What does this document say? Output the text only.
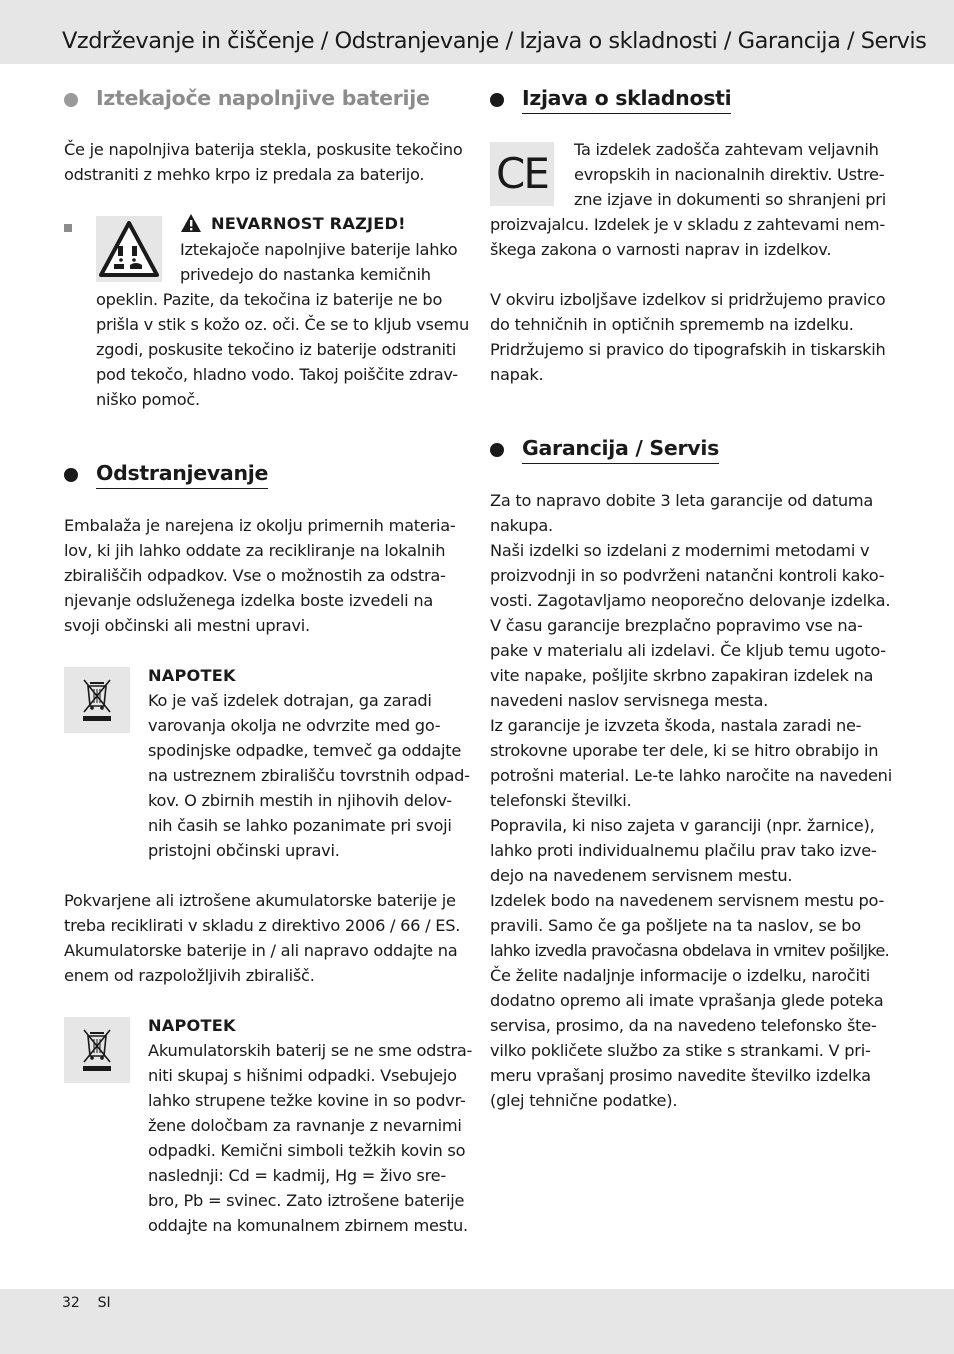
Vzdrževanje in čiščenje / Odstranjevanje / Izjava o skladnosti / Garancija / Servis
Iztekajoče napolnjive baterije

Če je napolnjiva baterija stekla, poskusite tekočino
odstraniti z mehko krpo iz predala za baterijo.

NEVARNOST RAZJED!

Iztekajoče napolnjive baterije lahko
privedejo do nastanka kemičnih

opeklin. Pazite, da tekočina iz baterije ne bo
prišla v stik s kožo oz. oči. Če se to kljub vsemu
zgodi, poskusite tekočino iz baterije odstraniti
pod tekočo, hladno vodo. Takoj poiščite zdrav-
niško pomoč.

Odstranjevanje

Embalaža je narejena iz okolju primernih materia-
lov, ki jih lahko oddate za recikliranje na lokalnih
zbirališčih odpadkov. Vse o možnostih za odstra-
njevanje odsluženega izdelka boste izvedeli na
svoji občinski ali mestni upravi.

NAPOTEK

Ko je vaš izdelek dotrajan, ga zaradi
varovanja okolja ne odvrzite med go-
spodinjske odpadke, temveč ga oddajte
na ustreznem zbirališču tovrstnih odpad-
kov. O zbirnih mestih in njihovih delov-
nih časih se lahko pozanimate pri svoji
pristojni občinski upravi.

Pokvarjene ali iztrošene akumulatorske baterije je
treba reciklirati v skladu z direktivo 2006 / 66 / ES.
Akumulatorske baterije in / ali napravo oddajte na
enem od razpoložljivih zbirališč.

NAPOTEK

Akumulatorskih baterij se ne sme odstra-
niti skupaj s hišnimi odpadki. Vsebujejo
lahko strupene težke kovine in so podvr-
žene določbam za ravnanje z nevarnimi
odpadki. Kemični simboli težkih kovin so
naslednji: Cd = kadmij, Hg = živo sre-
bro, Pb = svinec. Zato iztrošene baterije
oddajte na komunalnem zbirnem mestu.

Izjava o skladnosti
CE Ta izdelek zadošča zahtevam veljavnih
evropskih in nacionalnih direktiv. Ustre-
zne izjave in dokumenti so shranjeni pri

proizvajalcu. Izdelek je v skladu z zahtevami nem-
škega zakona o varnosti naprav in izdelkov.

V okviru izboljšave izdelkov si pridržujemo pravico
do tehničnih in optičnih sprememb na izdelku.
Pridržujemo si pravico do tipografskih in tiskarskih
napak.

Garancija / Servis

Za to napravo dobite 3 leta garancije od datuma
nakupa.
Naši izdelki so izdelani z modernimi metodami v
proizvodnji in so podvrženi natančni kontroli kako-
vosti. Zagotavljamo neoporečno delovanje izdelka.
V času garancije brezplačno popravimo vse na-
pake v materialu ali izdelavi. Če kljub temu ugoto-
vite napake, pošljite skrbno zapakiran izdelek na
navedeni naslov servisnega mesta.
Iz garancije je izvzeta škoda, nastala zaradi ne-
strokovne uporabe ter dele, ki se hitro obrabijo in
potrošni material. Le-te lahko naročite na navedeni
telefonski številki.
Popravila, ki niso zajeta v garanciji (npr. žarnice),
lahko proti individualnemu plačilu prav tako izve-
dejo na navedenem servisnem mestu.
Izdelek bodo na navedenem servisnem mestu po-
pravili. Samo če ga pošljete na ta naslov, se bo
lahko izvedla pravočasna obdelava in vrnitev pošiljke.
Če želite nadaljnje informacije o izdelku, naročiti
dodatno opremo ali imate vprašanja glede poteka
servisa, prosimo, da na navedeno telefonsko šte-
vilko pokličete službo za stike s strankami. V pri-
meru vprašanj prosimo navedite številko izdelka
(glej tehnične podatke).

32 SI
